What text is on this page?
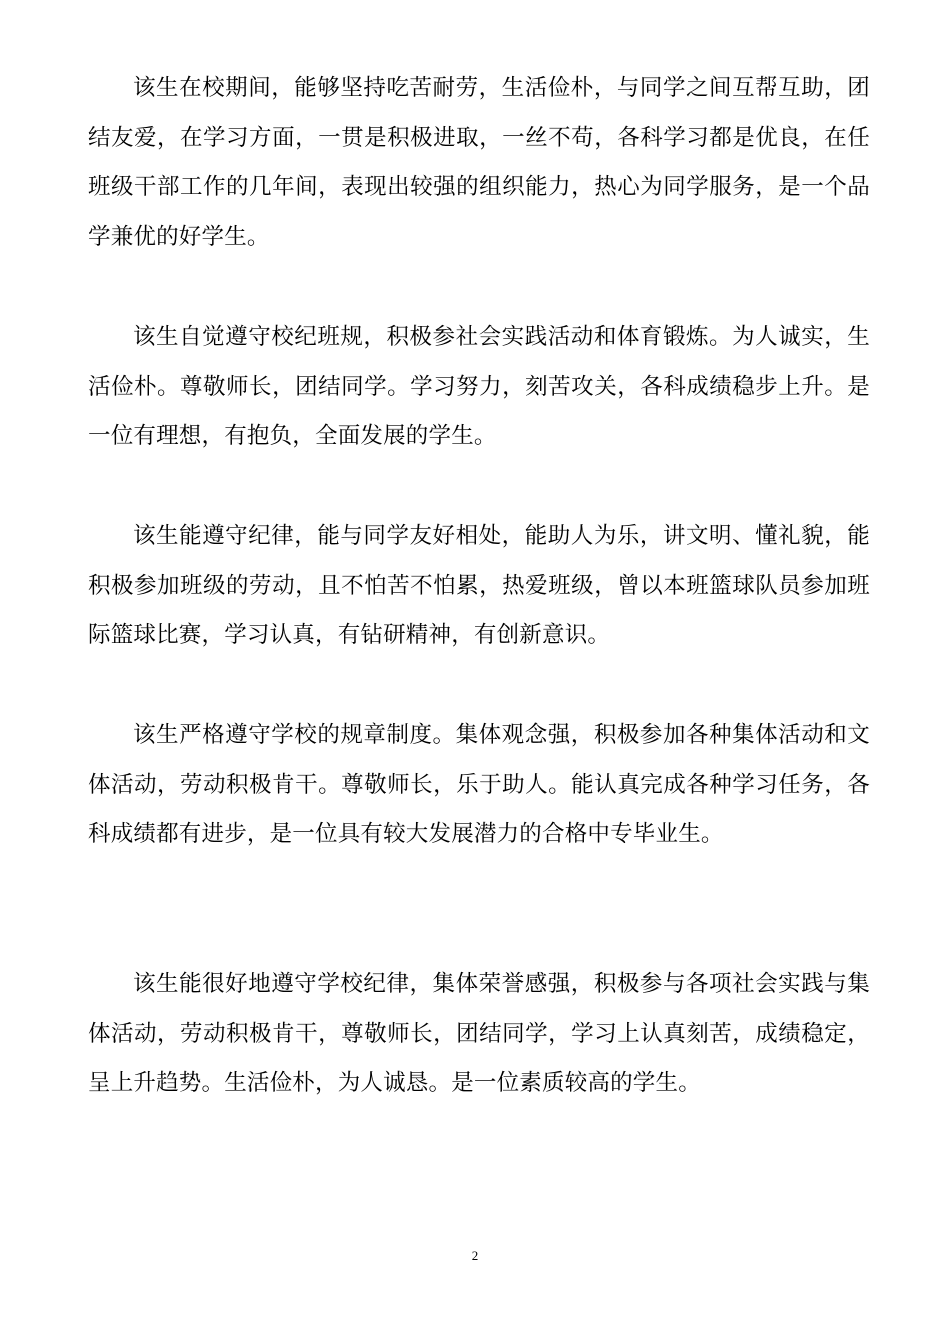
该生在校期间，能够坚持吃苦耐劳，生活俭朴，与同学之间互帮互助，团结友爱，在学习方面，一贯是积极进取，一丝不苟，各科学习都是优良，在任班级干部工作的几年间，表现出较强的组织能力，热心为同学服务，是一个品学兼优的好学生。

该生自觉遵守校纪班规，积极参社会实践活动和体育锻炼。为人诚实，生活俭朴。尊敬师长，团结同学。学习努力，刻苦攻关，各科成绩稳步上升。是一位有理想，有抱负，全面发展的学生。

该生能遵守纪律，能与同学友好相处，能助人为乐，讲文明、懂礼貌，能积极参加班级的劳动，且不怕苦不怕累，热爱班级，曾以本班篮球队员参加班际篮球比赛，学习认真，有钻研精神，有创新意识。

该生严格遵守学校的规章制度。集体观念强，积极参加各种集体活动和文体活动，劳动积极肯干。尊敬师长，乐于助人。能认真完成各种学习任务，各科成绩都有进步，是一位具有较大发展潜力的合格中专毕业生。

该生能很好地遵守学校纪律，集体荣誉感强，积极参与各项社会实践与集体活动，劳动积极肯干，尊敬师长，团结同学，学习上认真刻苦，成绩稳定，呈上升趋势。生活俭朴，为人诚恳。是一位素质较高的学生。

2
